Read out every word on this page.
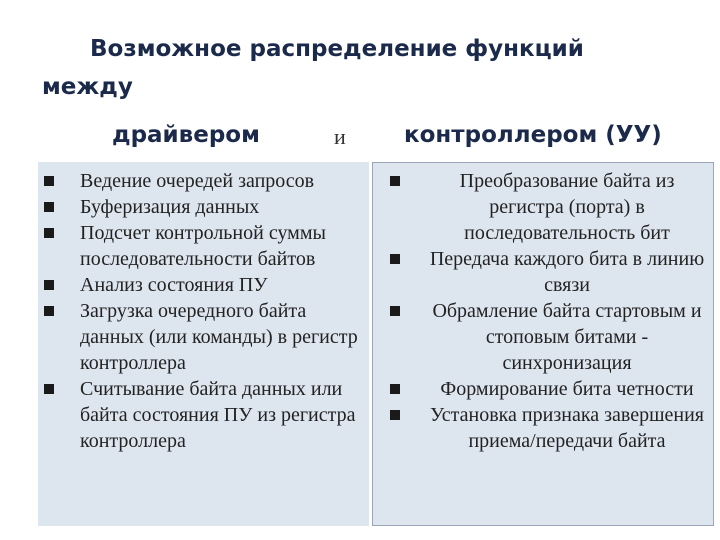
Возможное распределение функций между
драйвером	и	контроллером (УУ)
Ведение очередей запросов
Буферизация данных
Подсчет контрольной суммы последовательности байтов
Анализ состояния ПУ
Загрузка очередного байта данных (или команды) в регистр контроллера
Считывание байта данных или байта состояния ПУ из регистра контроллера
Преобразование байта из регистра (порта) в последовательность бит
Передача каждого бита в линию связи
Обрамление байта стартовым и стоповым битами - синхронизация
Формирование бита четности
Установка признака завершения приема/передачи байта
